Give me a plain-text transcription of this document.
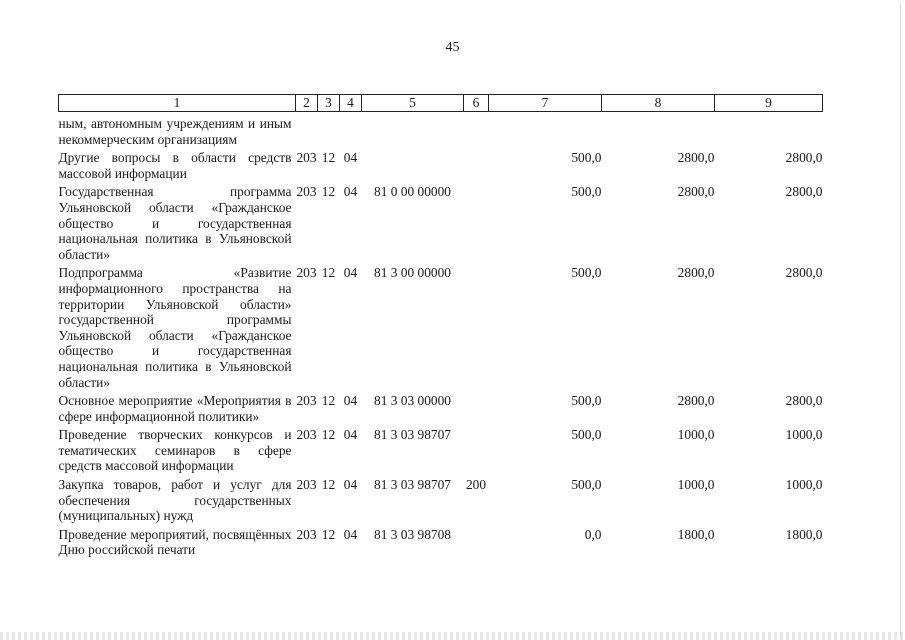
45
1	2	3	4	5	6	7	8	9
ным, автономным учреждениям и иным некоммерческим организациям								
Другие вопросы в области средств массовой информации	203	12	04			500,0	2800,0	2800,0
Государственная программа Ульяновской области «Гражданское общество и государственная национальная политика в Ульяновской области»	203	12	04	81 0 00 00000		500,0	2800,0	2800,0
Подпрограмма «Развитие информационного пространства на территории Ульяновской области» государственной программы Ульяновской области «Гражданское общество и государственная национальная политика в Ульяновской области»	203	12	04	81 3 00 00000		500,0	2800,0	2800,0
Основное мероприятие «Мероприятия в сфере информационной политики»	203	12	04	81 3 03 00000		500,0	2800,0	2800,0
Проведение творческих конкурсов и тематических семинаров в сфере средств массовой информации	203	12	04	81 3 03 98707		500,0	1000,0	1000,0
Закупка товаров, работ и услуг для обеспечения государственных (муниципальных) нужд	203	12	04	81 3 03 98707	200	500,0	1000,0	1000,0
Проведение мероприятий, посвящённых Дню российской печати	203	12	04	81 3 03 98708		0,0	1800,0	1800,0
